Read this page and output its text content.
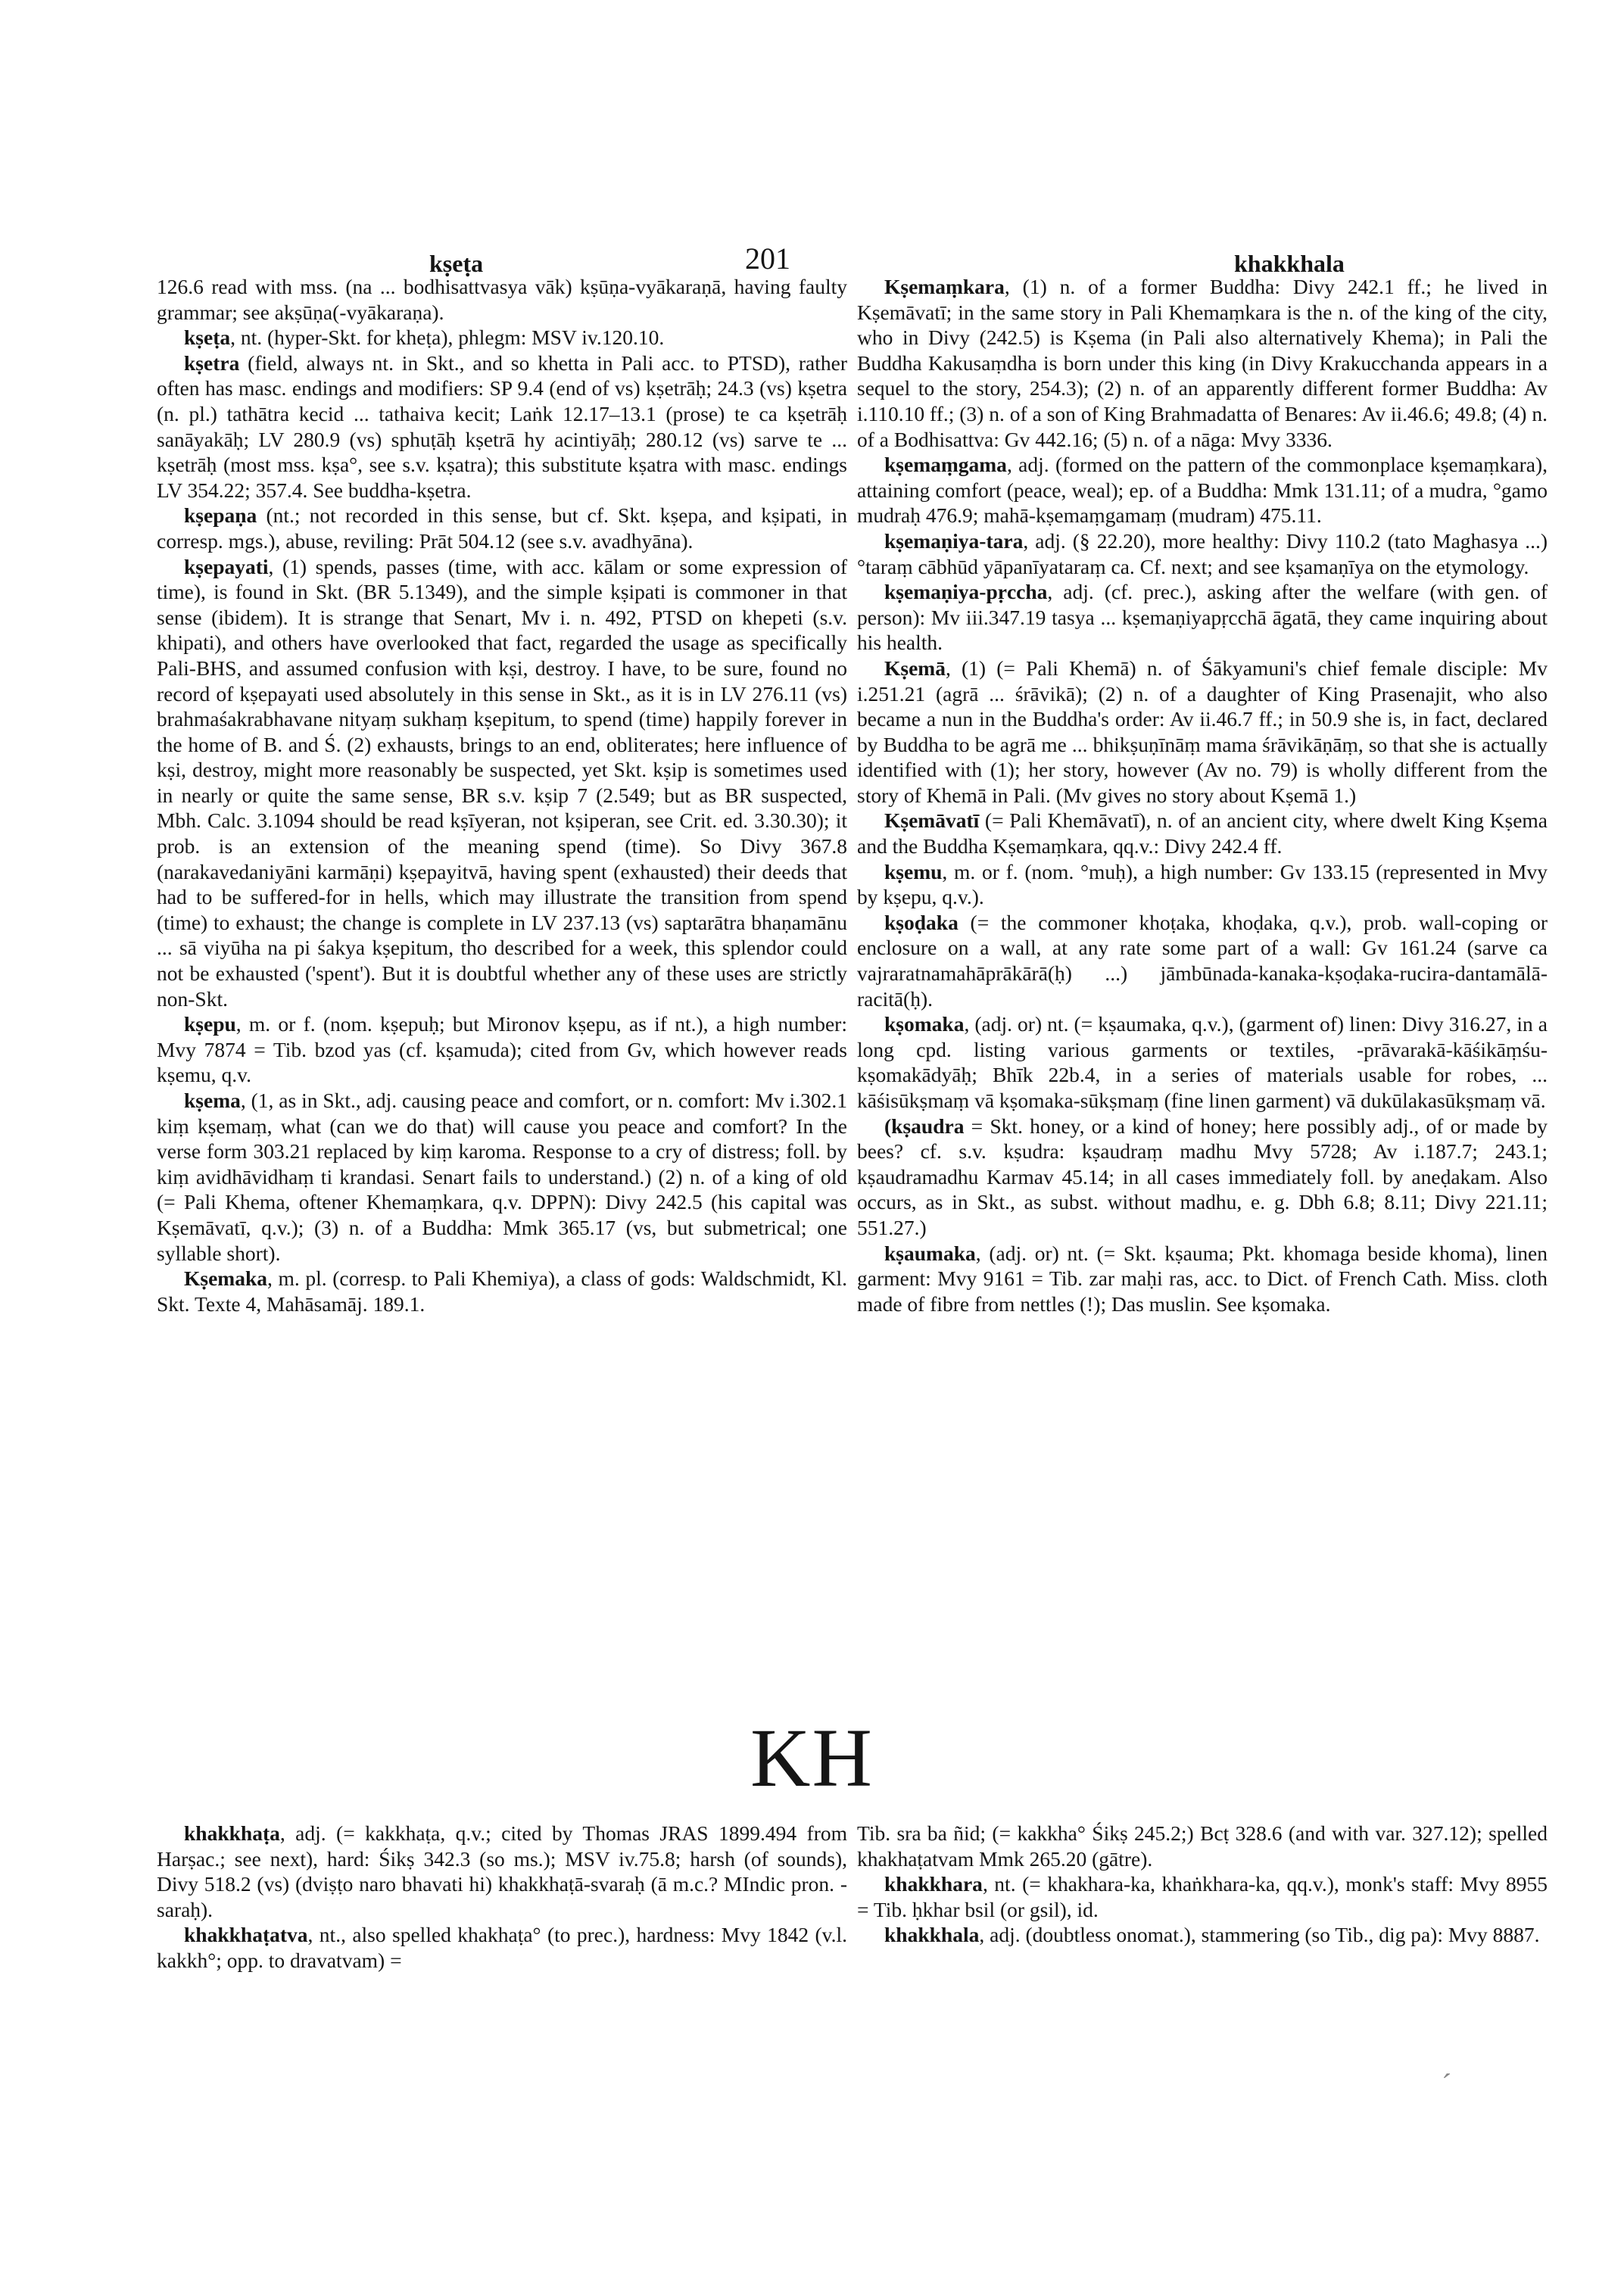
kṣeṭa	201	khakkhala

126.6 read with mss. (na ... bodhisattvasya vāk) kṣūṇa-vyākaraṇā, having faulty grammar; see akṣūṇa(-vyākaraṇa).

kṣeṭa, nt. (hyper-Skt. for kheṭa), phlegm: MSV iv.120.10.

kṣetra (field, always nt. in Skt., and so khetta in Pali acc. to PTSD), rather often has masc. endings and modifiers: SP 9.4 (end of vs) kṣetrāḥ; 24.3 (vs) kṣetra (n. pl.) tathātra kecid ... tathaiva kecit; Laṅk 12.17–13.1 (prose) te ca kṣetrāḥ sanāyakāḥ; LV 280.9 (vs) sphuṭāḥ kṣetrā hy acintiyāḥ; 280.12 (vs) sarve te ... kṣetrāḥ (most mss. kṣa°, see s.v. kṣatra); this substitute kṣatra with masc. endings LV 354.22; 357.4. See buddha-kṣetra.

kṣepaṇa (nt.; not recorded in this sense, but cf. Skt. kṣepa, and kṣipati, in corresp. mgs.), abuse, reviling: Prāt 504.12 (see s.v. avadhyāna).

kṣepayati, (1) spends, passes (time, with acc. kālam or some expression of time), is found in Skt. (BR 5.1349), and the simple kṣipati is commoner in that sense (ibidem). It is strange that Senart, Mv i. n. 492, PTSD on khepeti (s.v. khipati), and others have overlooked that fact, regarded the usage as specifically Pali-BHS, and assumed confusion with kṣi, destroy. I have, to be sure, found no record of kṣepayati used absolutely in this sense in Skt., as it is in LV 276.11 (vs) brahmaśakrabhavane nityaṃ sukhaṃ kṣepitum, to spend (time) happily forever in the home of B. and Ś. (2) exhausts, brings to an end, obliterates; here influence of kṣi, destroy, might more reasonably be suspected, yet Skt. kṣip is sometimes used in nearly or quite the same sense, BR s.v. kṣip 7 (2.549; but as BR suspected, Mbh. Calc. 3.1094 should be read kṣīyeran, not kṣiperan, see Crit. ed. 3.30.30); it prob. is an extension of the meaning spend (time). So Divy 367.8 (narakavedaniyāni karmāṇi) kṣepayitvā, having spent (exhausted) their deeds that had to be suffered-for in hells, which may illustrate the transition from spend (time) to exhaust; the change is complete in LV 237.13 (vs) saptarātra bhaṇamānu ... sā viyūha na pi śakya kṣepitum, tho described for a week, this splendor could not be exhausted ('spent'). But it is doubtful whether any of these uses are strictly non-Skt.

kṣepu, m. or f. (nom. kṣepuḥ; but Mironov kṣepu, as if nt.), a high number: Mvy 7874 = Tib. bzod yas (cf. kṣamuda); cited from Gv, which however reads kṣemu, q.v.

kṣema, (1, as in Skt., adj. causing peace and comfort, or n. comfort: Mv i.302.1 kiṃ kṣemaṃ, what (can we do that) will cause you peace and comfort? In the verse form 303.21 replaced by kiṃ karoma. Response to a cry of distress; foll. by kiṃ avidhāvidhaṃ ti krandasi. Senart fails to understand.) (2) n. of a king of old (= Pali Khema, oftener Khemaṃkara, q.v. DPPN): Divy 242.5 (his capital was Kṣemāvatī, q.v.); (3) n. of a Buddha: Mmk 365.17 (vs, but submetrical; one syllable short).

Kṣemaka, m. pl. (corresp. to Pali Khemiya), a class of gods: Waldschmidt, Kl. Skt. Texte 4, Mahāsamāj. 189.1.

Kṣemaṃkara, (1) n. of a former Buddha: Divy 242.1 ff.; he lived in Kṣemāvatī; in the same story in Pali Khemaṃkara is the n. of the king of the city, who in Divy (242.5) is Kṣema (in Pali also alternatively Khema); in Pali the Buddha Kakusaṃdha is born under this king (in Divy Krakucchanda appears in a sequel to the story, 254.3); (2) n. of an apparently different former Buddha: Av i.110.10 ff.; (3) n. of a son of King Brahmadatta of Benares: Av ii.46.6; 49.8; (4) n. of a Bodhisattva: Gv 442.16; (5) n. of a nāga: Mvy 3336.

kṣemaṃgama, adj. (formed on the pattern of the commonplace kṣemaṃkara), attaining comfort (peace, weal); ep. of a Buddha: Mmk 131.11; of a mudra, °gamo mudraḥ 476.9; mahā-kṣemaṃgamaṃ (mudram) 475.11.

kṣemaṇiya-tara, adj. (§ 22.20), more healthy: Divy 110.2 (tato Maghasya ...) °taraṃ cābhūd yāpanīyataraṃ ca. Cf. next; and see kṣamaṇīya on the etymology.

kṣemaṇiya-pṛccha, adj. (cf. prec.), asking after the welfare (with gen. of person): Mv iii.347.19 tasya ... kṣemaṇiyapṛcchā āgatā, they came inquiring about his health.

Kṣemā, (1) (= Pali Khemā) n. of Śākyamuni's chief female disciple: Mv i.251.21 (agrā ... śrāvikā); (2) n. of a daughter of King Prasenajit, who also became a nun in the Buddha's order: Av ii.46.7 ff.; in 50.9 she is, in fact, declared by Buddha to be agrā me ... bhikṣuṇīnāṃ mama śrāvikāṇāṃ, so that she is actually identified with (1); her story, however (Av no. 79) is wholly different from the story of Khemā in Pali. (Mv gives no story about Kṣemā 1.)

Kṣemāvatī (= Pali Khemāvatī), n. of an ancient city, where dwelt King Kṣema and the Buddha Kṣemaṃkara, qq.v.: Divy 242.4 ff.

kṣemu, m. or f. (nom. °muḥ), a high number: Gv 133.15 (represented in Mvy by kṣepu, q.v.).

kṣoḍaka (= the commoner khoṭaka, khoḍaka, q.v.), prob. wall-coping or enclosure on a wall, at any rate some part of a wall: Gv 161.24 (sarve ca vajraratnamahāprākārā(ḥ) ...) jāmbūnada-kanaka-kṣoḍaka-rucira-dantamālā-racitā(ḥ).

kṣomaka, (adj. or) nt. (= kṣaumaka, q.v.), (garment of) linen: Divy 316.27, in a long cpd. listing various garments or textiles, -prāvarakā-kāśikāṃśu-kṣomakādyāḥ; Bhīk 22b.4, in a series of materials usable for robes, ... kāśisūkṣmaṃ vā kṣomaka-sūkṣmaṃ (fine linen garment) vā dukūlakasūkṣmaṃ vā.

(kṣaudra = Skt. honey, or a kind of honey; here possibly adj., of or made by bees? cf. s.v. kṣudra: kṣaudraṃ madhu Mvy 5728; Av i.187.7; 243.1; kṣaudramadhu Karmav 45.14; in all cases immediately foll. by aneḍakam. Also occurs, as in Skt., as subst. without madhu, e. g. Dbh 6.8; 8.11; Divy 221.11; 551.27.)

kṣaumaka, (adj. or) nt. (= Skt. kṣauma; Pkt. khomaga beside khoma), linen garment: Mvy 9161 = Tib. zar maḥi ras, acc. to Dict. of French Cath. Miss. cloth made of fibre from nettles (!); Das muslin. See kṣomaka.

KH

khakkhaṭa, adj. (= kakkhaṭa, q.v.; cited by Thomas JRAS 1899.494 from Harṣac.; see next), hard: Śikṣ 342.3 (so ms.); MSV iv.75.8; harsh (of sounds), Divy 518.2 (vs) (dviṣṭo naro bhavati hi) khakkhaṭā-svaraḥ (ā m.c.? MIndic pron. -saraḥ).

khakkhaṭatva, nt., also spelled khakhaṭa° (to prec.), hardness: Mvy 1842 (v.l. kakkh°; opp. to dravatvam) =

Tib. sra ba ñid; (= kakkha° Śikṣ 245.2;) Bcṭ 328.6 (and with var. 327.12); spelled khakhaṭatvam Mmk 265.20 (gātre).

khakkhara, nt. (= khakhara-ka, khaṅkhara-ka, qq.v.), monk's staff: Mvy 8955 = Tib. ḥkhar bsil (or gsil), id.

khakkhala, adj. (doubtless onomat.), stammering (so Tib., dig pa): Mvy 8887.

´
